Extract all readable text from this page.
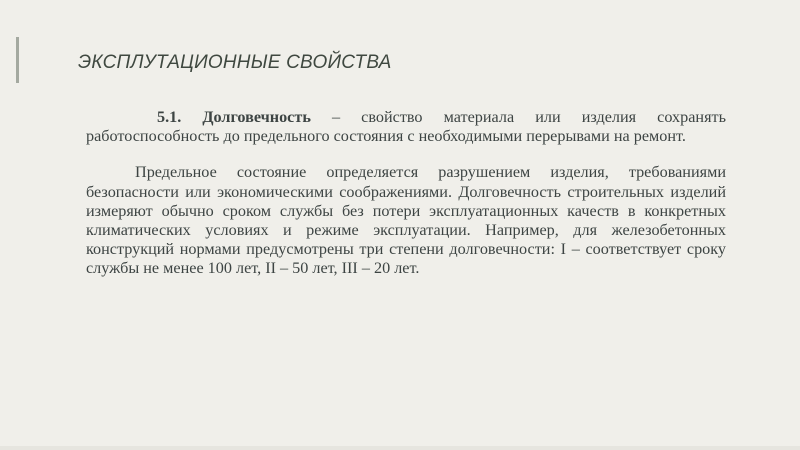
ЭКСПЛУТАЦИОННЫЕ СВОЙСТВА

5.1. Долговечность – свойство материала или изделия сохранять работоспособность до предельного состояния с необходимыми перерывами на ремонт.

Предельное состояние определяется разрушением изделия, требованиями безопасности или экономическими соображениями. Долговечность строительных изделий измеряют обычно сроком службы без потери эксплуатационных качеств в конкретных климатических условиях и режиме эксплуатации. Например, для железобетонных конструкций нормами предусмотрены три степени долговечности: I – соответствует сроку службы не менее 100 лет, II – 50 лет, III – 20 лет.
